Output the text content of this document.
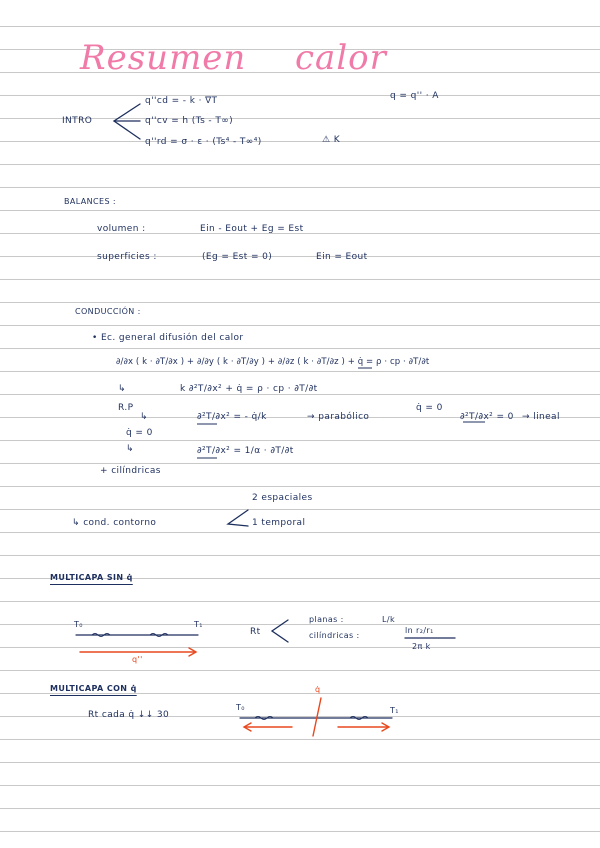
Resumen calor
q = q'' · A
INTRO
q''cd = - k · ∇T
q''cv = h (Ts - T∞)
q''rd = σ · ε · (Ts⁴ - T∞⁴)	⚠ K
BALANCES :
volumen :	Ein - Eout + Eg = Est
superficies :	(Eg = Est = 0)	Ein = Eout
CONDUCCIÓN :
• Ec. general difusión del calor
∂/∂x ( k · ∂T/∂x ) + ∂/∂y ( k · ∂T/∂y ) + ∂/∂z ( k · ∂T/∂z ) + q̇ = ρ · cp · ∂T/∂t
↳	k ∂²T/∂x² + q̇ = ρ · cp · ∂T/∂t
R.P
↳	∂²T/∂x² = - q̇/k	→ parabólico
q̇ = 0
∂²T/∂x² = 0 → lineal
q̇ = 0
↳	∂²T/∂x² = 1/α · ∂T/∂t
+ cilíndricas
2 espaciales
↳ cond. contorno	1 temporal
MULTICAPA SIN q̇
T₀	T₁
q''
Rt
planas :	L/k
cilíndricas :
ln r₂/r₁
2π k
MULTICAPA CON q̇
Rt cada q̇ ↓↓ 30
T₀	T₁
q̇
